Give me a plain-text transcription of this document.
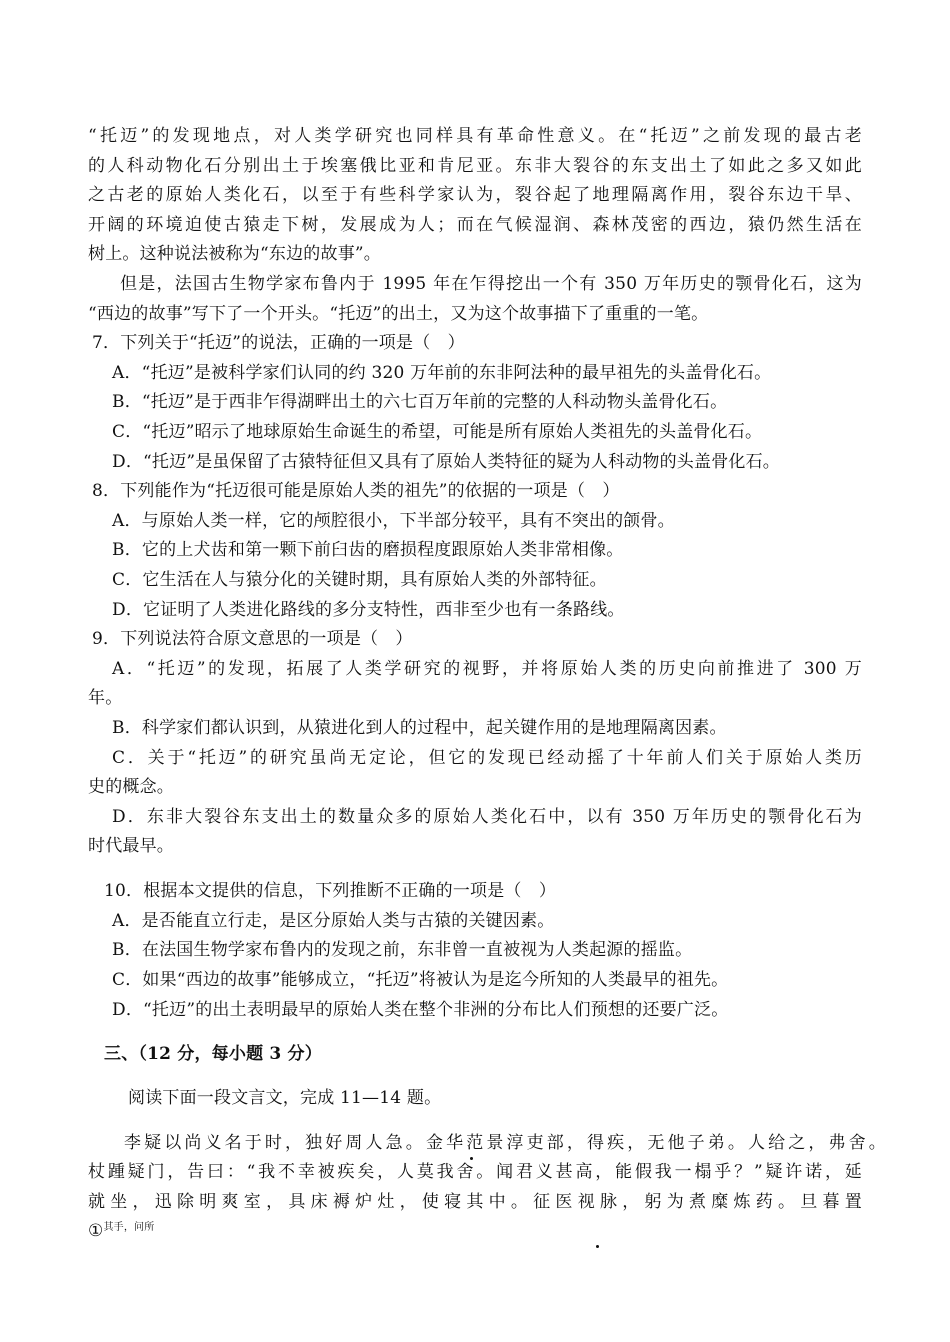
“托迈”的发现地点，对人类学研究也同样具有革命性意义。在“托迈”之前发现的最古老
的人科动物化石分别出土于埃塞俄比亚和肯尼亚。东非大裂谷的东支出土了如此之多又如此
之古老的原始人类化石，以至于有些科学家认为，裂谷起了地理隔离作用，裂谷东边干旱、
开阔的环境迫使古猿走下树，发展成为人；而在气候湿润、森林茂密的西边，猿仍然生活在
树上。这种说法被称为“东边的故事”。
但是，法国古生物学家布鲁内于 1995 年在乍得挖出一个有 350 万年历史的颚骨化石，这为
“西边的故事”写下了一个开头。“托迈”的出土，又为这个故事描下了重重的一笔。
7．下列关于“托迈”的说法，正确的一项是（　）
A．“托迈”是被科学家们认同的约 320 万年前的东非阿法种的最早祖先的头盖骨化石。
B．“托迈”是于西非乍得湖畔出土的六七百万年前的完整的人科动物头盖骨化石。
C．“托迈”昭示了地球原始生命诞生的希望，可能是所有原始人类祖先的头盖骨化石。
D．“托迈”是虽保留了古猿特征但又具有了原始人类特征的疑为人科动物的头盖骨化石。
8．下列能作为“托迈很可能是原始人类的祖先”的依据的一项是（　）
A．与原始人类一样，它的颅腔很小，下半部分较平，具有不突出的颌骨。
B．它的上犬齿和第一颗下前臼齿的磨损程度跟原始人类非常相像。
C．它生活在人与猿分化的关键时期，具有原始人类的外部特征。
D．它证明了人类进化路线的多分支特性，西非至少也有一条路线。
9．下列说法符合原文意思的一项是（　）
A．“托迈”的发现，拓展了人类学研究的视野，并将原始人类的历史向前推进了 300 万
年。
B．科学家们都认识到，从猿进化到人的过程中，起关键作用的是地理隔离因素。
C．关于“托迈”的研究虽尚无定论，但它的发现已经动摇了十年前人们关于原始人类历
史的概念。
D．东非大裂谷东支出土的数量众多的原始人类化石中，以有 350 万年历史的颚骨化石为
时代最早。
10．根据本文提供的信息，下列推断不正确的一项是（　）
A．是否能直立行走，是区分原始人类与古猿的关键因素。
B．在法国生物学家布鲁内的发现之前，东非曾一直被视为人类起源的摇监。
C．如果“西边的故事”能够成立，“托迈”将被认为是迄今所知的人类最早的祖先。
D．“托迈”的出土表明最早的原始人类在整个非洲的分布比人们预想的还要广泛。
三、（12 分，每小题 3 分）
阅读下面一段文言文，完成 11—14 题。
李疑以尚义名于时，独好周人急。金华范景淳吏部，得疾，无他子弟。人给之，弗舍。
杖踵疑门，告曰：“我不幸被疾矣，人莫我舍。闻君义甚高，能假我一榻乎？”疑许诺，延
就坐，迅除明爽室，具床褥炉灶，使寝其中。征医视脉，躬为煮糜炼药。旦暮置
①$^{其手,问所}$
